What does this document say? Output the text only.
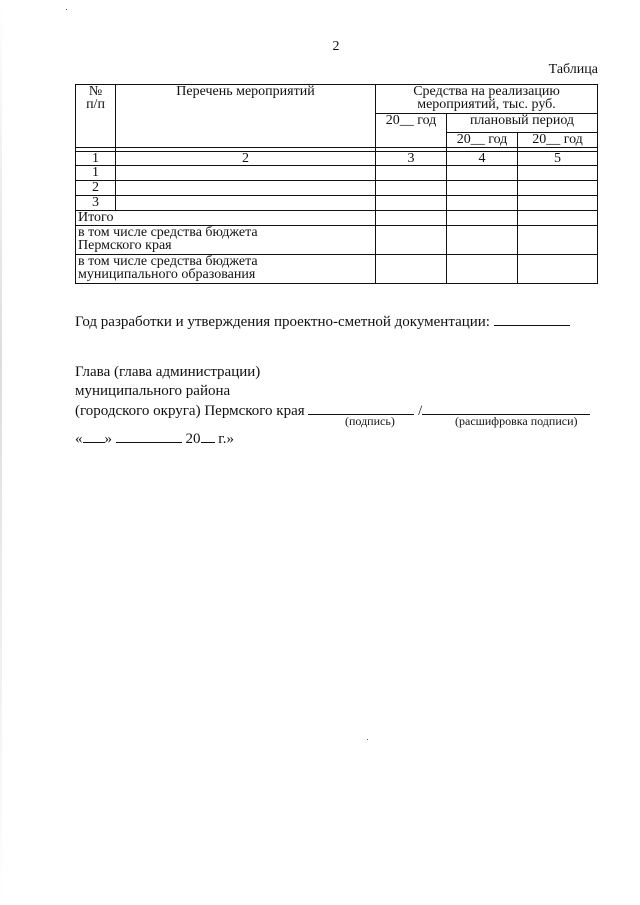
2
Таблица
№
п/п	Перечень мероприятий	Средства на реализацию мероприятий, тыс. руб.		
		20__ год	плановый период	
			20__ год	20__ год

1	2	3	4	5
1				
2				
3				
Итого				

в том числе средства бюджета Пермского края				

в том числе средства бюджета муниципального образования				

Год разработки и утверждения проектно-сметной документации:
Глава (глава администрации)
муниципального района
(городского округа) Пермского края	/
(подпись)	(расшифровка подписи)
« »	20 г.»
